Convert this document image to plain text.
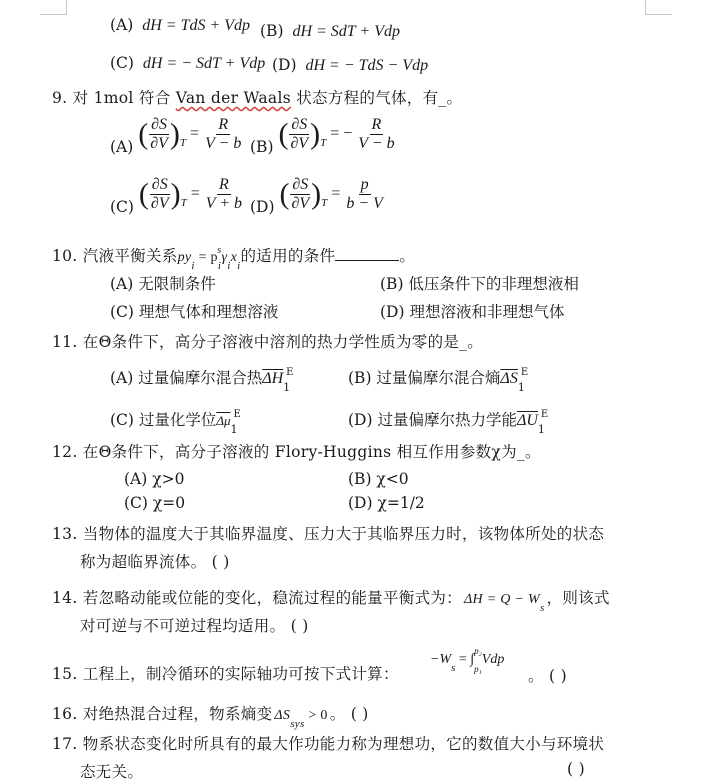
(A) dH = TdS + Vdp (B) dH = SdT + Vdp
(C) dH = − SdT + Vdp (D) dH = − TdS − Vdp
9. 对 1mol 符合 Van der Waals 状态方程的气体，有_。
(A) ( $\frac{\partial S}{\partial V} )_T = \frac{R}{V - b} (B)$ ( $\frac{\partial S}{\partial V} )_T$ = − $\frac{R}{V - b}$
(C) ( $\frac{\partial S}{\partial V} )_T = \frac{R}{V + b} (D)$ ( $\frac{\partial S}{\partial V} )_T = \frac{p}{b - V}$
10. 汽液平衡关系$py_i = p_i^s\gamma_ix_i$的适用的条件	。
(A) 无限制条件	(B) 低压条件下的非理想液相
(C) 理想气体和理想溶液	(D) 理想溶液和非理想气体
11. 在Θ条件下，高分子溶液中溶剂的热力学性质为零的是_。
(A) 过量偏摩尔混合热$\overline{\Delta H}_1^E$	(B) 过量偏摩尔混合熵$\overline{\Delta S}_1^E$
(C) 过量化学位$\overline{\Delta\mu}_1^E$	(D) 过量偏摩尔热力学能$\overline{\Delta U}_1^E$
12. 在Θ条件下，高分子溶液的 Flory-Huggins 相互作用参数χ为_。
(A) χ>0	(B) χ<0
(C) χ=0	(D) χ=1/2
13. 当物体的温度大于其临界温度、压力大于其临界压力时，该物体所处的状态
称为超临界流体。 ( )
14. 若忽略动能或位能的变化，稳流过程的能量平衡式为： $\Delta H = Q - W_s$，则该式
对可逆与不可逆过程均适用。 ( )
15. 工程上，制冷循环的实际轴功可按下式计算：
$-W_s$ = ∫
p₂
p₁
Vdp
。 ( )
16. 对绝热混合过程，物系熵变 $\Delta S_{sys} > 0$ 。 ( )
17. 物系状态变化时所具有的最大作功能力称为理想功，它的数值大小与环境状
态无关。	( )
